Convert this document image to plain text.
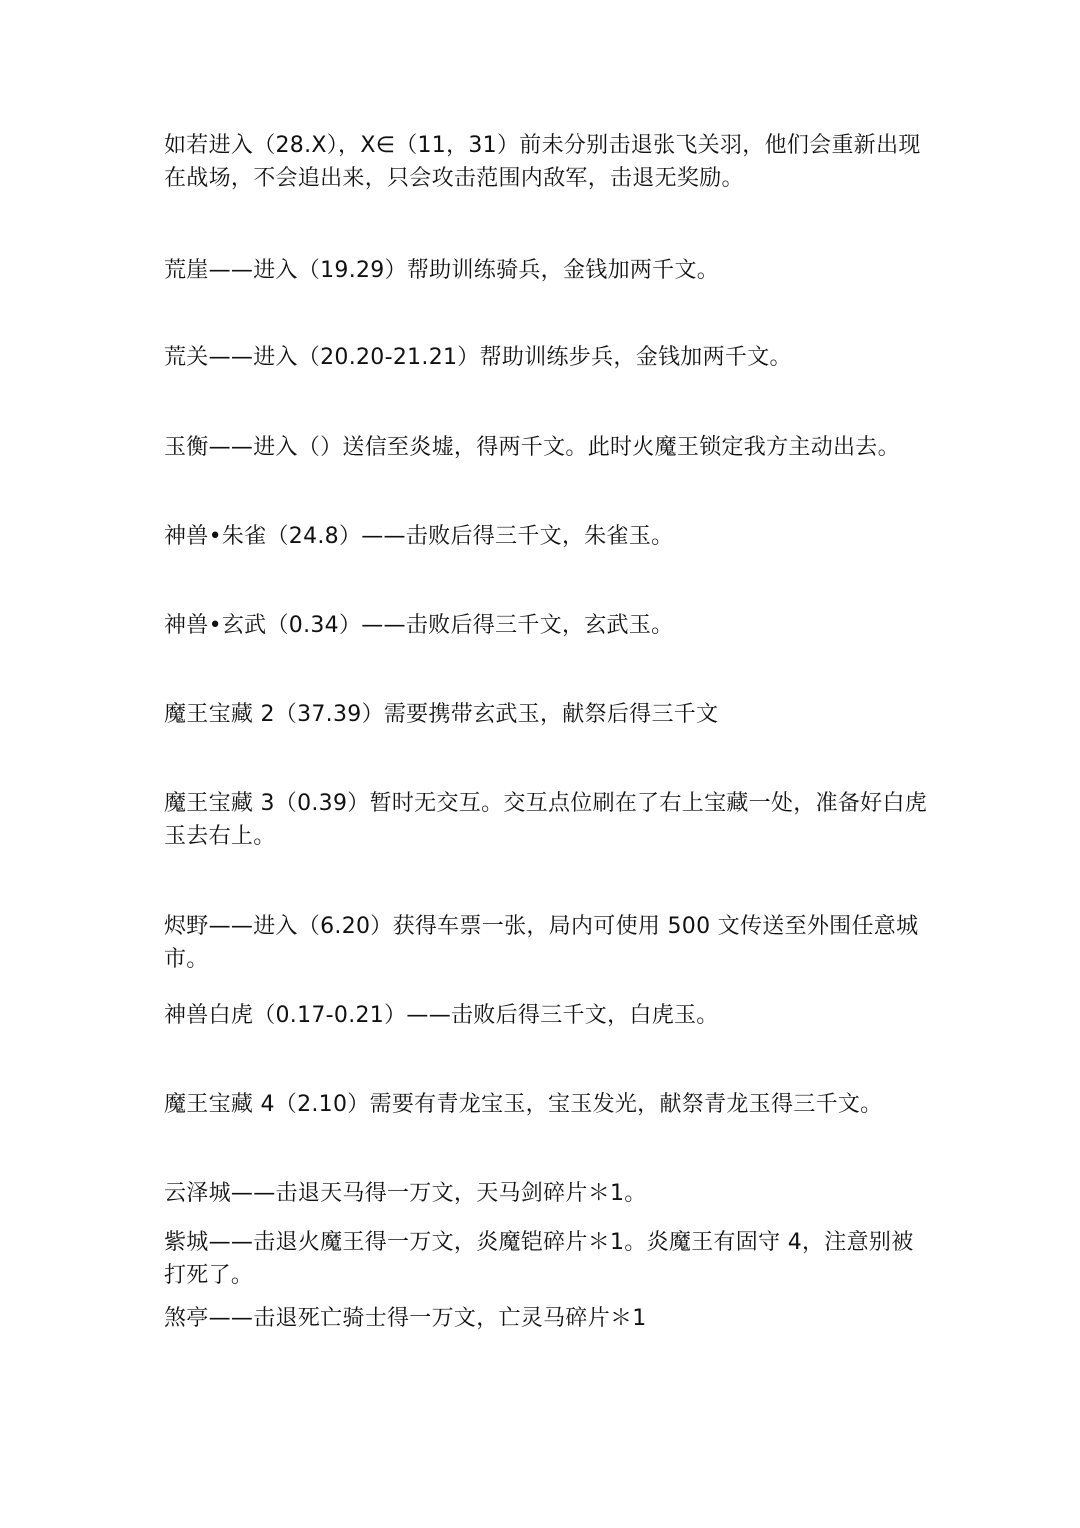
如若进入（28.X），X∈（11，31）前未分别击退张飞关羽，他们会重新出现在战场，不会追出来，只会攻击范围内敌军，击退无奖励。

荒崖——进入（19.29）帮助训练骑兵，金钱加两千文。

荒关——进入（20.20-21.21）帮助训练步兵，金钱加两千文。

玉衡——进入（）送信至炎墟，得两千文。此时火魔王锁定我方主动出去。

神兽•朱雀（24.8）——击败后得三千文，朱雀玉。

神兽•玄武（0.34）——击败后得三千文，玄武玉。

魔王宝藏 2（37.39）需要携带玄武玉，献祭后得三千文

魔王宝藏 3（0.39）暂时无交互。交互点位刷在了右上宝藏一处，准备好白虎玉去右上。

烬野——进入（6.20）获得车票一张，局内可使用 500 文传送至外围任意城市。

神兽白虎（0.17-0.21）——击败后得三千文，白虎玉。

魔王宝藏 4（2.10）需要有青龙宝玉，宝玉发光，献祭青龙玉得三千文。

云泽城——击退天马得一万文，天马剑碎片＊1。

紫城——击退火魔王得一万文，炎魔铠碎片＊1。炎魔王有固守 4，注意别被打死了。

煞亭——击退死亡骑士得一万文，亡灵马碎片＊1
